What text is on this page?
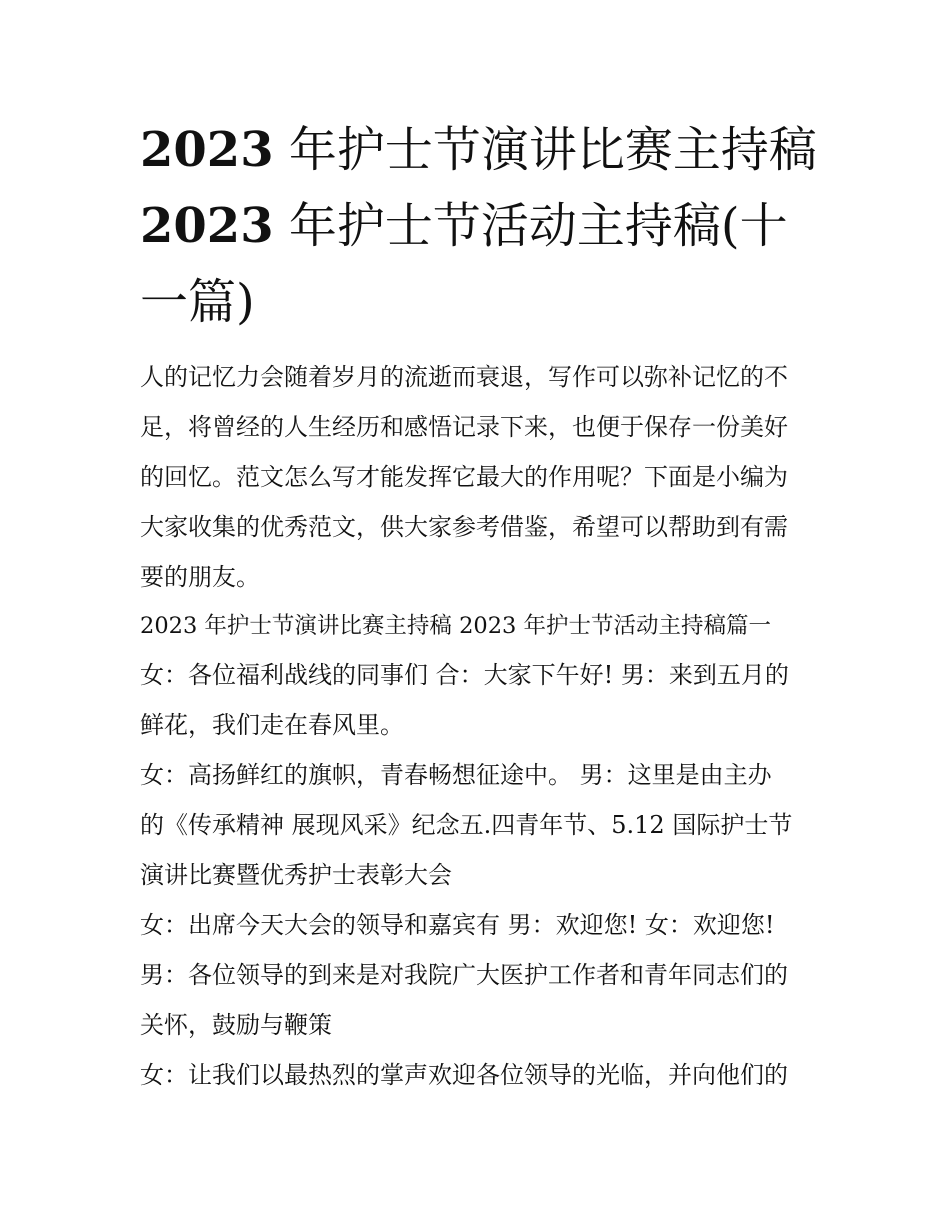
2023 年护士节演讲比赛主持稿
2023 年护士节活动主持稿(十
一篇)
人的记忆力会随着岁月的流逝而衰退，写作可以弥补记忆的不
足，将曾经的人生经历和感悟记录下来，也便于保存一份美好
的回忆。范文怎么写才能发挥它最大的作用呢？下面是小编为
大家收集的优秀范文，供大家参考借鉴，希望可以帮助到有需
要的朋友。
2023 年护士节演讲比赛主持稿 2023 年护士节活动主持稿篇一

女：各位福利战线的同事们 合：大家下午好! 男：来到五月的
鲜花，我们走在春风里。

女：高扬鲜红的旗帜，青春畅想征途中。 男：这里是由主办
的《传承精神 展现风采》纪念五.四青年节、5.12 国际护士节
演讲比赛暨优秀护士表彰大会

女：出席今天大会的领导和嘉宾有 男：欢迎您! 女：欢迎您!
男：各位领导的到来是对我院广大医护工作者和青年同志们的
关怀，鼓励与鞭策

女：让我们以最热烈的掌声欢迎各位领导的光临，并向他们的
